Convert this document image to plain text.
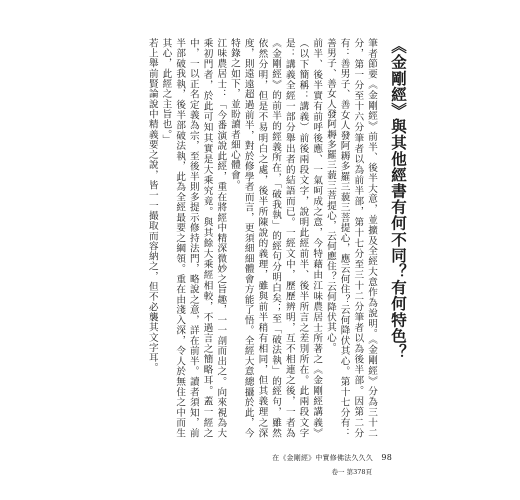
《金剛經》與其他經書有何不同？有何特色？
筆者節要《金剛經》前半、後半大意，並擴及全經大意作為說明。《金剛經》分為三十二分，第一分至十六分筆者以為前半部，第十七分至三十二分筆者以為後半部。因第二分有：善男子、善女人發阿耨多羅三藐三菩提心，應云何住？云何降伏其心。第十七分有：善男子、善女人發阿耨多羅三藐三菩提心，云何應住？云何降伏其心。
前半、後半實有前呼後應、一氣呵成之意，今特藉由江味農居士所著之《金剛經講義》（以下簡稱：講義）前後兩段文字，說明此經前半、後半所言之差別所在。此兩段文字是：講義全經一部分舉出者的結語而已。一經文中，歷歷辨明，互不相連之後，一者為《金剛經》的前半的經義所在，「破我執」的經句分明白矣；至「破法執」的經句，雖然依然分明，但是不易明白之處，後半所陳說的義理，雖與前半稍有相同，但其義理之深度，則遠遠超過前半，對於修學者而言，更須細細體會方能了悟。全經大意總攝於此，今特錄之如下，並盼讀者細心體會。
江味農居士：「今番演說此經，重在將經中精深微妙之旨趣，一一剖而出之。向來視為大乘初門者，於此可知其實是大乘究竟。與其餘大乘經相較，不過言之簡略耳。蓋一經之中，一以正名定義為宗，至後半則多提示修持法門，略說之意，詳在前半。讀者須知，前半部破我執，後半部破法執，此為全經最要之綱領。重在由淺入深，令人於無住之中而生其心，此經之主旨也。」
若上舉前賢論說中精義要之說，皆一一撮取而容納之，但不必襲其文字耳。
在《金剛經》中實修佛法久久久 98
卷一 第378頁
